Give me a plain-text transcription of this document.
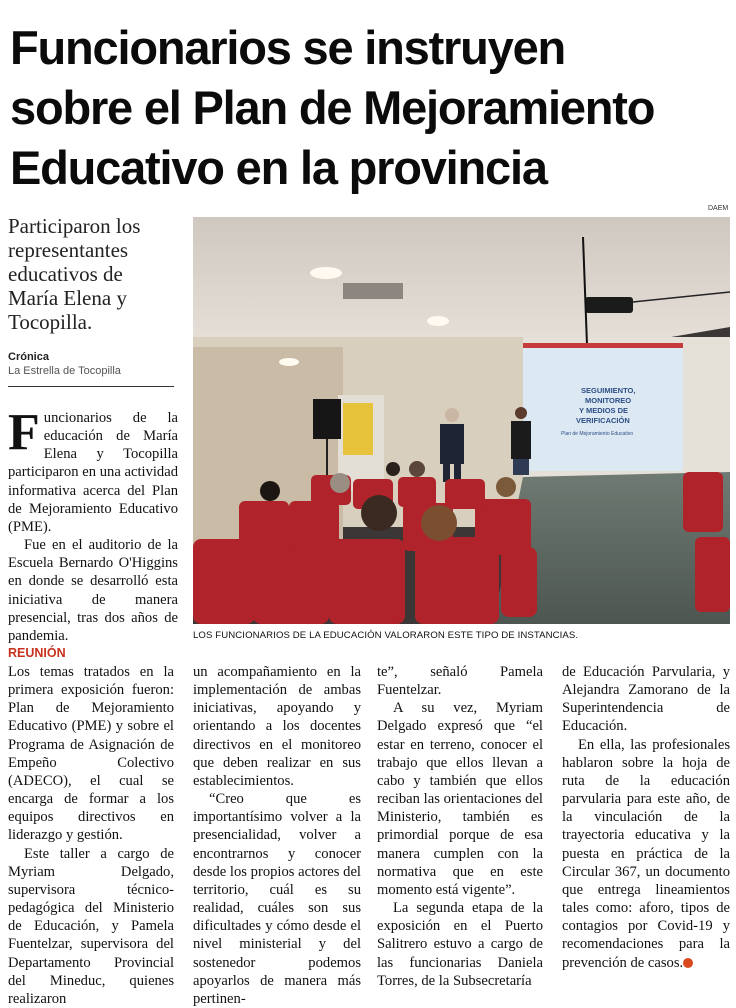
Funcionarios se instruyen
sobre el Plan de Mejoramiento
Educativo en la provincia

Participaron los representantes educativos de María Elena y Tocopilla.

Crónica
La Estrella de Tocopilla
DAEM
SEGUIMIENTO,
MONITOREO
Y MEDIOS DE
VERIFICACIÓN
Plan de Mejoramiento Educativo
LOS FUNCIONARIOS DE LA EDUCACIÓN VALORARON ESTE TIPO DE INSTANCIAS.

Funcionarios de la educación de María Elena y Tocopilla participaron en una actividad informativa acerca del Plan de Mejoramiento Educativo (PME).

Fue en el auditorio de la Escuela Bernardo O'Higgins en donde se desarrolló esta iniciativa de manera presencial, tras dos años de pandemia.

REUNIÓN

Los temas tratados en la primera exposición fueron: Plan de Mejoramiento Educativo (PME) y sobre el Programa de Asignación de Empeño Colectivo (ADECO), el cual se encarga de formar a los equipos directivos en liderazgo y gestión.

Este taller a cargo de Myriam Delgado, supervisora técnico-pedagógica del Ministerio de Educación, y Pamela Fuentelzar, supervisora del Departamento Provincial del Mineduc, quienes realizaron

un acompañamiento en la implementación de ambas iniciativas, apoyando y orientando a los docentes directivos en el monitoreo que deben realizar en sus establecimientos.

“Creo que es importantísimo volver a la presencialidad, volver a encontrarnos y conocer desde los propios actores del territorio, cuál es su realidad, cuáles son sus dificultades y cómo desde el nivel ministerial y del sostenedor podemos apoyarlos de manera más pertinen-

te”, señaló Pamela Fuentelzar.

A su vez, Myriam Delgado expresó que “el estar en terreno, conocer el trabajo que ellos llevan a cabo y también que ellos reciban las orientaciones del Ministerio, también es primordial porque de esa manera cumplen con la normativa que en este momento está vigente”.

La segunda etapa de la exposición en el Puerto Salitrero estuvo a cargo de las funcionarias Daniela Torres, de la Subsecretaría

de Educación Parvularia, y Alejandra Zamorano de la Superintendencia de Educación.

En ella, las profesionales hablaron sobre la hoja de ruta de la educación parvularia para este año, de la vinculación de la trayectoria educativa y la puesta en práctica de la Circular 367, un documento que entrega lineamientos tales como: aforo, tipos de contagios por Covid-19 y recomendaciones para la prevención de casos. ✪
